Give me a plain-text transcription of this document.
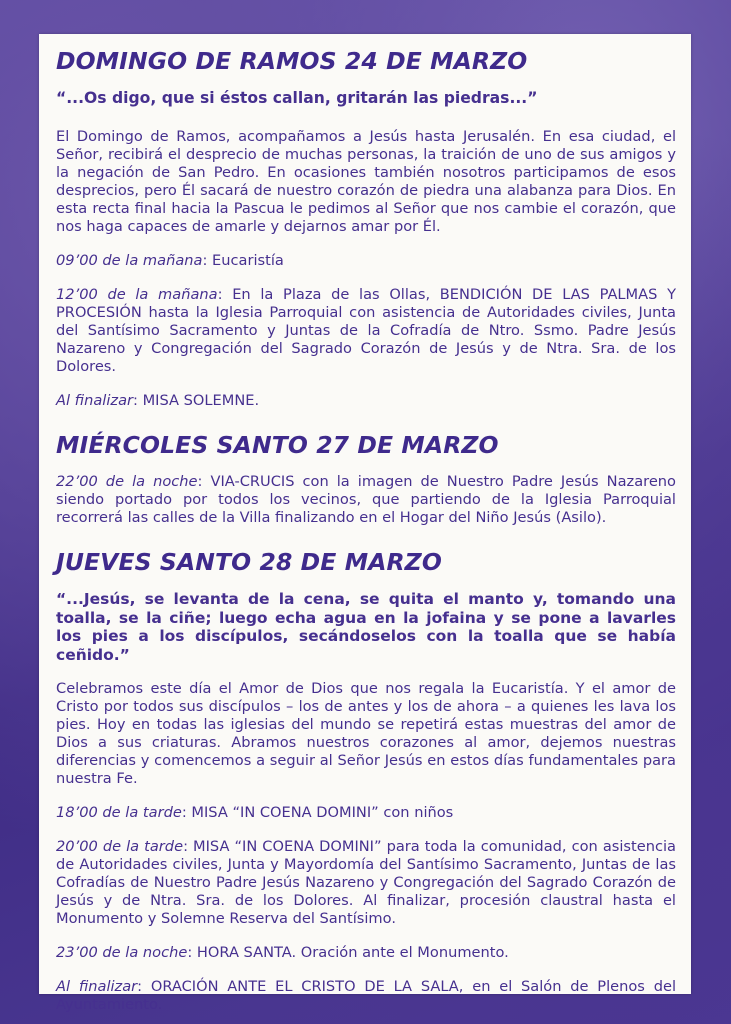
DOMINGO DE RAMOS 24 DE MARZO

“...Os digo, que si éstos callan, gritarán las piedras...”

El Domingo de Ramos, acompañamos a Jesús hasta Jerusalén. En esa ciudad, el Señor, recibirá el desprecio de muchas personas, la traición de uno de sus amigos y la negación de San Pedro. En ocasiones también nosotros participamos de esos desprecios, pero Él sacará de nuestro corazón de piedra una alabanza para Dios. En esta recta final hacia la Pascua le pedimos al Señor que nos cambie el corazón, que nos haga capaces de amarle y dejarnos amar por Él.

09’00 de la mañana: Eucaristía

12’00 de la mañana: En la Plaza de las Ollas, BENDICIÓN DE LAS PALMAS Y PROCESIÓN hasta la Iglesia Parroquial con asistencia de Autoridades civiles, Junta del Santísimo Sacramento y Juntas de la Cofradía de Ntro. Ssmo. Padre Jesús Nazareno y Congregación del Sagrado Corazón de Jesús y de Ntra. Sra. de los Dolores.

Al finalizar: MISA SOLEMNE.

MIÉRCOLES SANTO 27 DE MARZO

22’00 de la noche: VIA-CRUCIS con la imagen de Nuestro Padre Jesús Nazareno siendo portado por todos los vecinos, que partiendo de la Iglesia Parroquial recorrerá las calles de la Villa finalizando en el Hogar del Niño Jesús (Asilo).

JUEVES SANTO 28 DE MARZO

“...Jesús, se levanta de la cena, se quita el manto y, tomando una toalla, se la ciñe; luego echa agua en la jofaina y se pone a lavarles los pies a los discípulos, secándoselos con la toalla que se había ceñido.”

Celebramos este día el Amor de Dios que nos regala la Eucaristía. Y el amor de Cristo por todos sus discípulos – los de antes y los de ahora – a quienes les lava los pies. Hoy en todas las iglesias del mundo se repetirá estas muestras del amor de Dios a sus criaturas. Abramos nuestros corazones al amor, dejemos nuestras diferencias y comencemos a seguir al Señor Jesús en estos días fundamentales para nuestra Fe.

18’00 de la tarde: MISA “IN COENA DOMINI” con niños

20’00 de la tarde: MISA “IN COENA DOMINI” para toda la comunidad, con asistencia de Autoridades civiles, Junta y Mayordomía del Santísimo Sacramento, Juntas de las Cofradías de Nuestro Padre Jesús Nazareno y Congregación del Sagrado Corazón de Jesús y de Ntra. Sra. de los Dolores. Al finalizar, procesión claustral hasta el Monumento y Solemne Reserva del Santísimo.

23’00 de la noche: HORA SANTA. Oración ante el Monumento.

Al finalizar: ORACIÓN ANTE EL CRISTO DE LA SALA, en el Salón de Plenos del Ayuntamiento.
